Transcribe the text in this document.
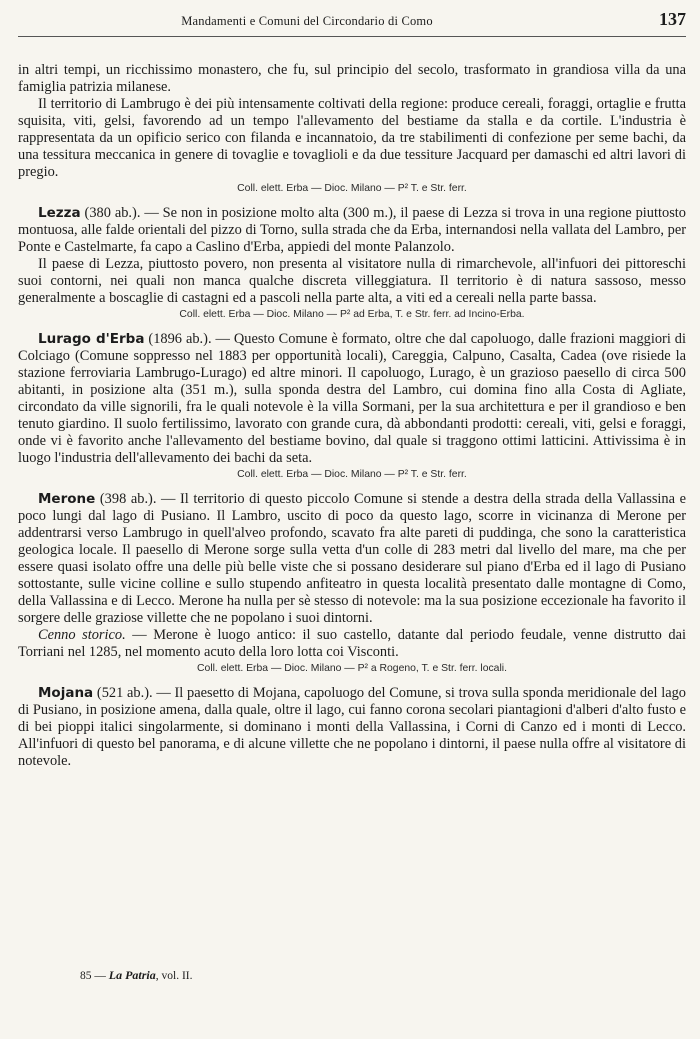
Mandamenti e Comuni del Circondario di Como	137

in altri tempi, un ricchissimo monastero, che fu, sul principio del secolo, trasformato in grandiosa villa da una famiglia patrizia milanese.

Il territorio di Lambrugo è dei più intensamente coltivati della regione: produce cereali, foraggi, ortaglie e frutta squisita, viti, gelsi, favorendo ad un tempo l'allevamento del bestiame da stalla e da cortile. L'industria è rappresentata da un opificio serico con filanda e incannatoio, da tre stabilimenti di confezione per seme bachi, da una tessitura meccanica in genere di tovaglie e tovaglioli e da due tessiture Jacquard per damaschi ed altri lavori di pregio.

Coll. elett. Erba — Dioc. Milano — P² T. e Str. ferr.

Lezza (380 ab.). — Se non in posizione molto alta (300 m.), il paese di Lezza si trova in una regione piuttosto montuosa, alle falde orientali del pizzo di Torno, sulla strada che da Erba, internandosi nella vallata del Lambro, per Ponte e Castelmarte, fa capo a Caslino d'Erba, appiedi del monte Palanzolo.

Il paese di Lezza, piuttosto povero, non presenta al visitatore nulla di rimarchevole, all'infuori dei pittoreschi suoi contorni, nei quali non manca qualche discreta villeggiatura. Il territorio è di natura sassoso, messo generalmente a boscaglie di castagni ed a pascoli nella parte alta, a viti ed a cereali nella parte bassa.

Coll. elett. Erba — Dioc. Milano — P² ad Erba, T. e Str. ferr. ad Incino-Erba.

Lurago d'Erba (1896 ab.). — Questo Comune è formato, oltre che dal capoluogo, dalle frazioni maggiori di Colciago (Comune soppresso nel 1883 per opportunità locali), Careggia, Calpuno, Casalta, Cadea (ove risiede la stazione ferroviaria Lambrugo-Lurago) ed altre minori. Il capoluogo, Lurago, è un grazioso paesello di circa 500 abitanti, in posizione alta (351 m.), sulla sponda destra del Lambro, cui domina fino alla Costa di Agliate, circondato da ville signorili, fra le quali notevole è la villa Sormani, per la sua architettura e per il grandioso e ben tenuto giardino. Il suolo fertilissimo, lavorato con grande cura, dà abbondanti prodotti: cereali, viti, gelsi e foraggi, onde vi è favorito anche l'allevamento del bestiame bovino, dal quale si traggono ottimi latticini. Attivissima è in luogo l'industria dell'allevamento dei bachi da seta.

Coll. elett. Erba — Dioc. Milano — P² T. e Str. ferr.

Merone (398 ab.). — Il territorio di questo piccolo Comune si stende a destra della strada della Vallassina e poco lungi dal lago di Pusiano. Il Lambro, uscito di poco da questo lago, scorre in vicinanza di Merone per addentrarsi verso Lambrugo in quell'alveo profondo, scavato fra alte pareti di puddinga, che sono la caratteristica geologica locale. Il paesello di Merone sorge sulla vetta d'un colle di 283 metri dal livello del mare, ma che per essere quasi isolato offre una delle più belle viste che si possano desiderare sul piano d'Erba ed il lago di Pusiano sottostante, sulle vicine colline e sullo stupendo anfiteatro in questa località presentato dalle montagne di Como, della Vallassina e di Lecco. Merone ha nulla per sè stesso di notevole: ma la sua posizione eccezionale ha favorito il sorgere delle graziose villette che ne popolano i suoi dintorni.

Cenno storico. — Merone è luogo antico: il suo castello, datante dal periodo feudale, venne distrutto dai Torriani nel 1285, nel momento acuto della loro lotta coi Visconti.

Coll. elett. Erba — Dioc. Milano — P² a Rogeno, T. e Str. ferr. locali.

Mojana (521 ab.). — Il paesetto di Mojana, capoluogo del Comune, si trova sulla sponda meridionale del lago di Pusiano, in posizione amena, dalla quale, oltre il lago, cui fanno corona secolari piantagioni d'alberi d'alto fusto e di bei pioppi italici singolarmente, si dominano i monti della Vallassina, i Corni di Canzo ed i monti di Lecco. All'infuori di questo bel panorama, e di alcune villette che ne popolano i dintorni, il paese nulla offre al visitatore di notevole.

85 — La Patria, vol. II.
